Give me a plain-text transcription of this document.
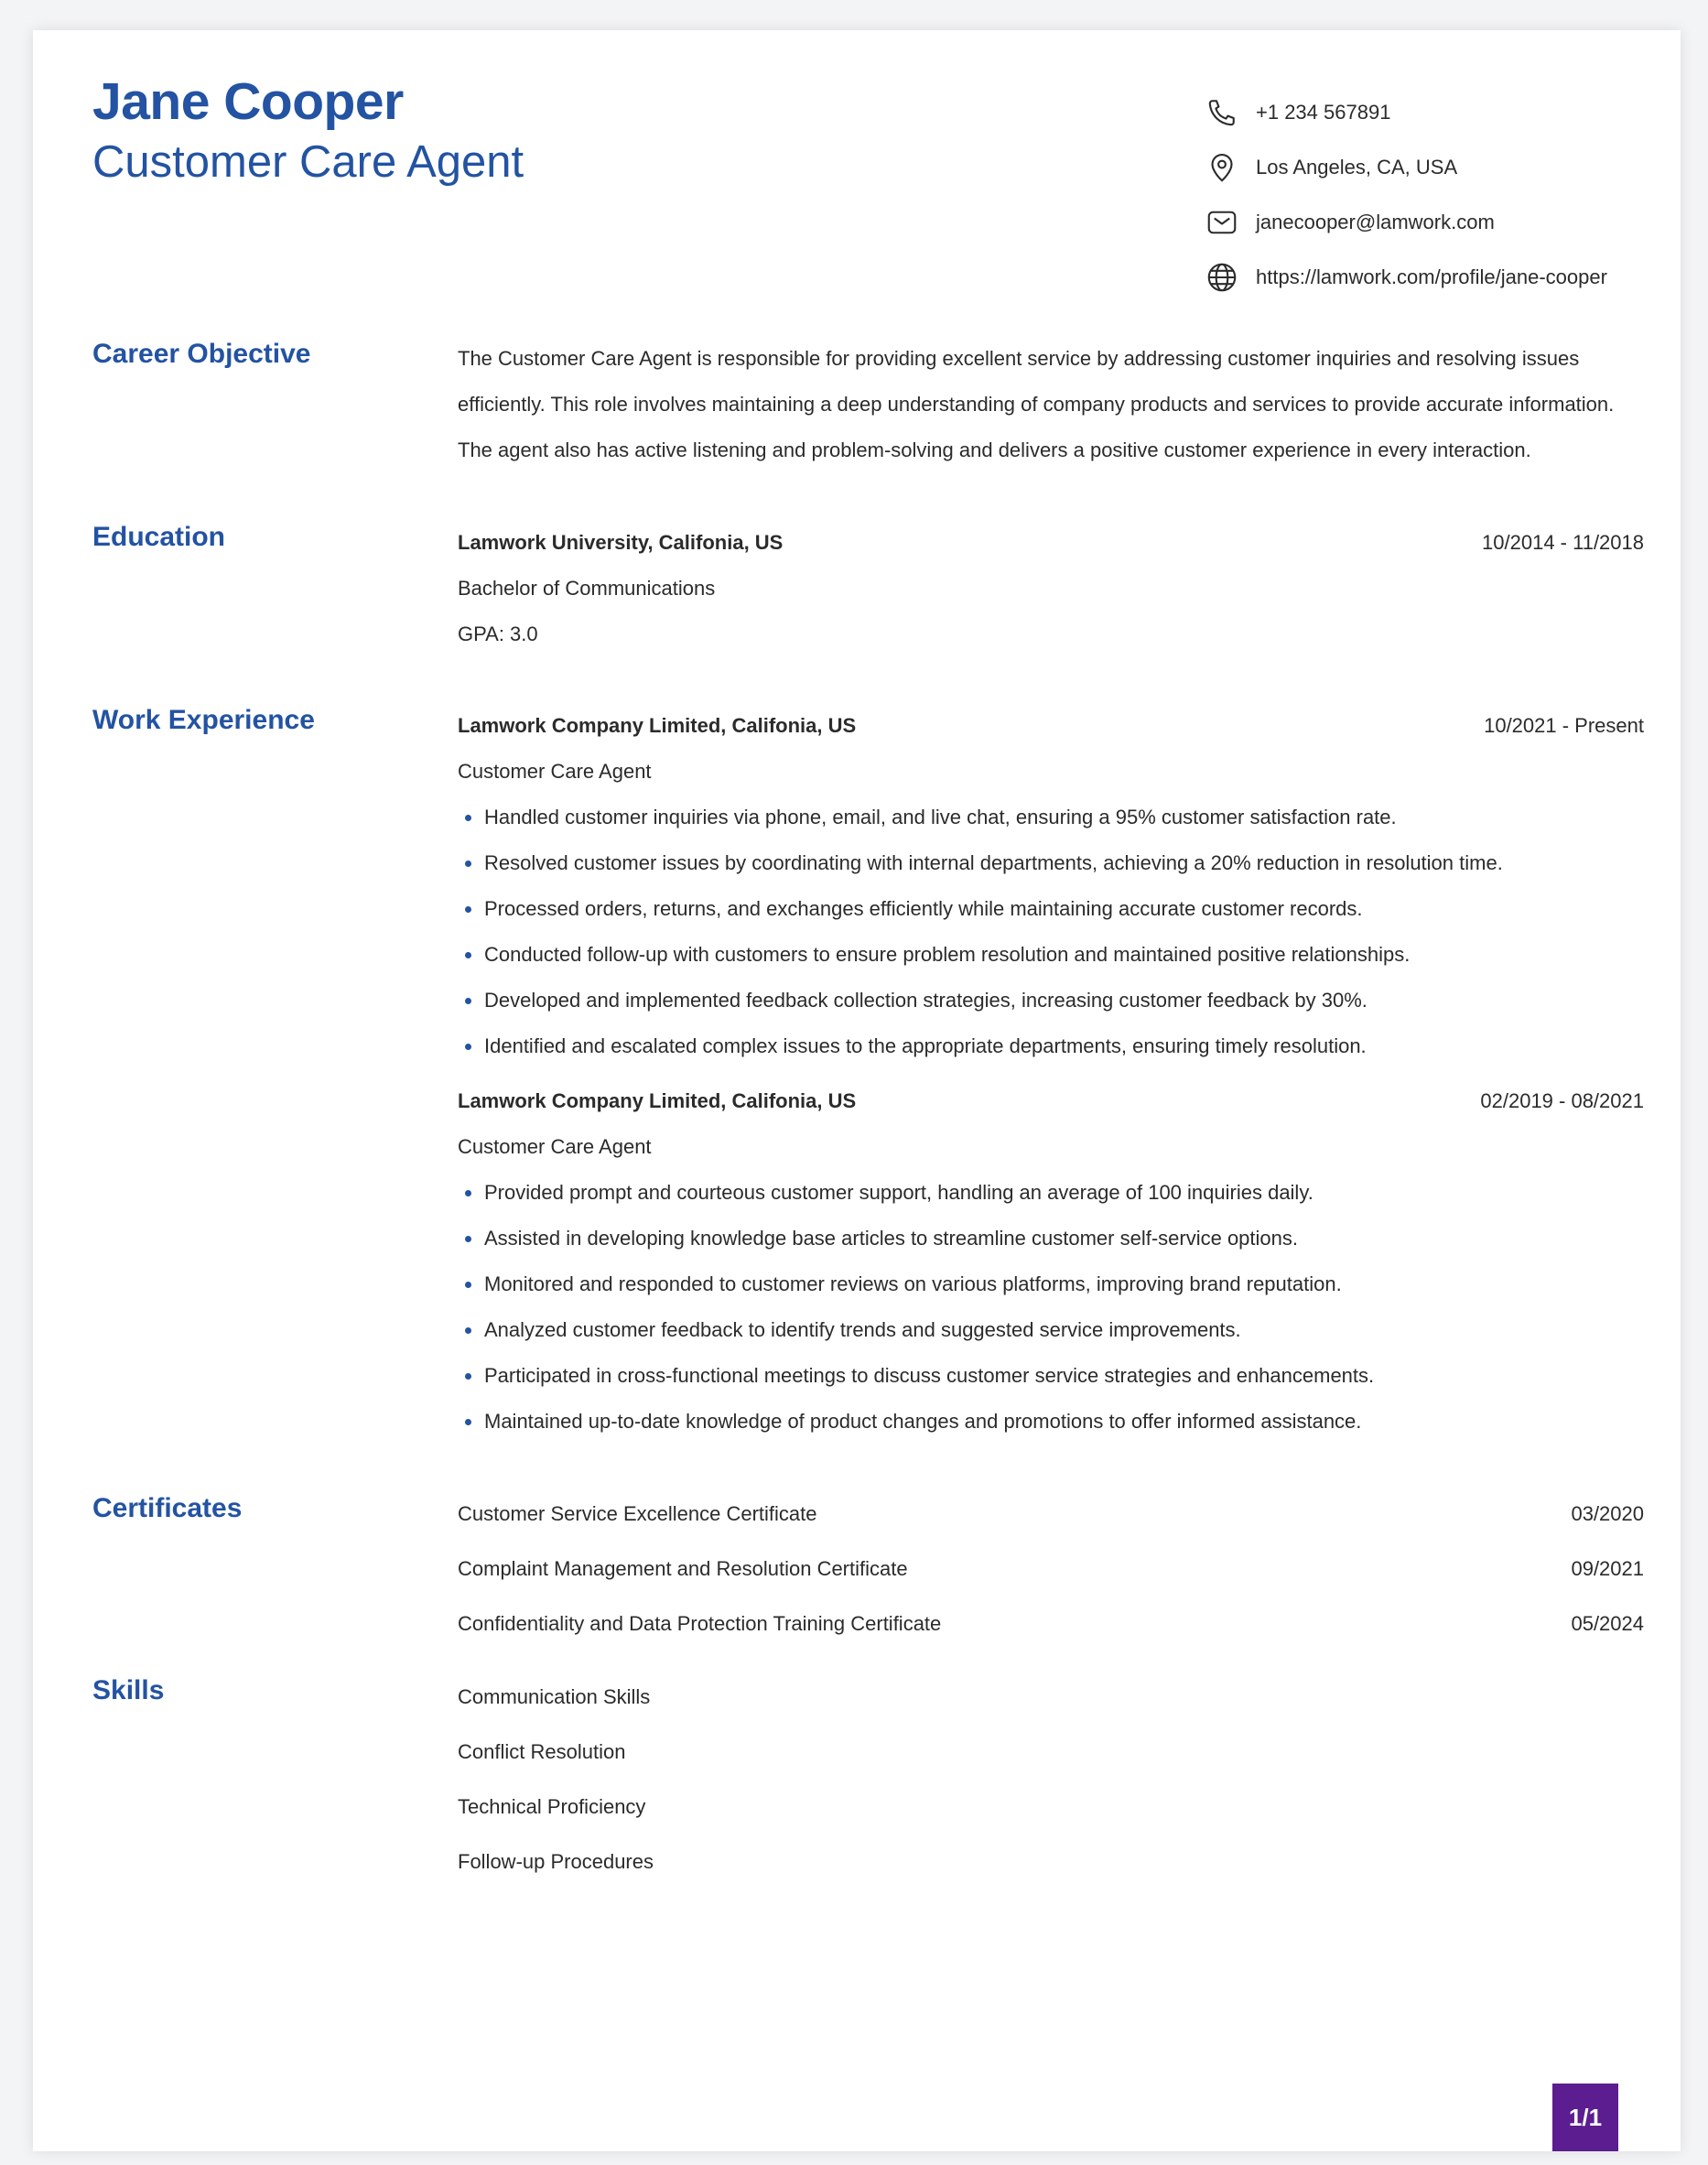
Jane Cooper
Customer Care Agent
+1 234 567891
Los Angeles, CA, USA
janecooper@lamwork.com
https://lamwork.com/profile/jane-cooper
Career Objective	The Customer Care Agent is responsible for providing excellent service by addressing customer inquiries and resolving issues
efficiently. This role involves maintaining a deep understanding of company products and services to provide accurate information.
The agent also has active listening and problem-solving and delivers a positive customer experience in every interaction.
Education	Lamwork University, Califonia, US	10/2014 - 11/2018
Bachelor of Communications
GPA: 3.0
Work Experience	Lamwork Company Limited, Califonia, US	10/2021 - Present
Customer Care Agent
Handled customer inquiries via phone, email, and live chat, ensuring a 95% customer satisfaction rate.
Resolved customer issues by coordinating with internal departments, achieving a 20% reduction in resolution time.
Processed orders, returns, and exchanges efficiently while maintaining accurate customer records.
Conducted follow-up with customers to ensure problem resolution and maintained positive relationships.
Developed and implemented feedback collection strategies, increasing customer feedback by 30%.
Identified and escalated complex issues to the appropriate departments, ensuring timely resolution.
Lamwork Company Limited, Califonia, US	02/2019 - 08/2021
Customer Care Agent
Provided prompt and courteous customer support, handling an average of 100 inquiries daily.
Assisted in developing knowledge base articles to streamline customer self-service options.
Monitored and responded to customer reviews on various platforms, improving brand reputation.
Analyzed customer feedback to identify trends and suggested service improvements.
Participated in cross-functional meetings to discuss customer service strategies and enhancements.
Maintained up-to-date knowledge of product changes and promotions to offer informed assistance.
Certificates	Customer Service Excellence Certificate	03/2020
Complaint Management and Resolution Certificate	09/2021
Confidentiality and Data Protection Training Certificate	05/2024
Skills	Communication Skills
Conflict Resolution
Technical Proficiency
Follow-up Procedures
1/1
